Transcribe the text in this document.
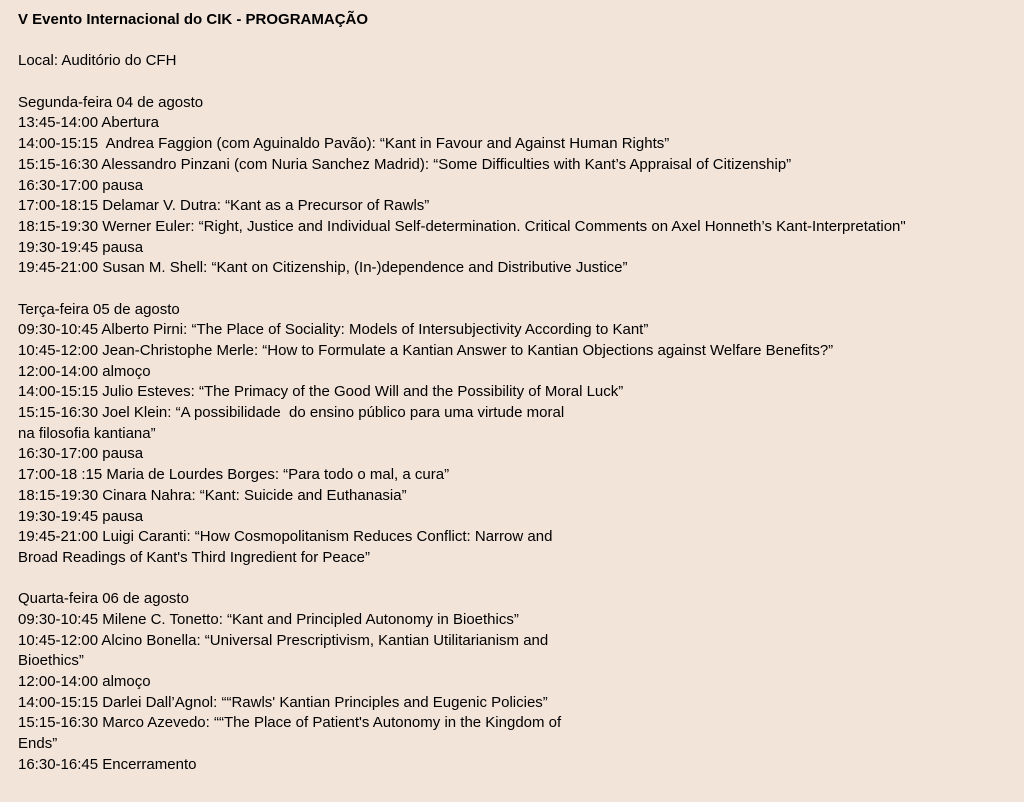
V Evento Internacional do CIK - PROGRAMAÇÃO
Local: Auditório do CFH
Segunda-feira 04 de agosto
13:45-14:00 Abertura
14:00-15:15  Andrea Faggion (com Aguinaldo Pavão): “Kant in Favour and Against Human Rights”
15:15-16:30 Alessandro Pinzani (com Nuria Sanchez Madrid): “Some Difficulties with Kant’s Appraisal of Citizenship”
16:30-17:00 pausa
17:00-18:15 Delamar V. Dutra: “Kant as a Precursor of Rawls”
18:15-19:30 Werner Euler: “Right, Justice and Individual Self-determination. Critical Comments on Axel Honneth’s Kant-Interpretation"
19:30-19:45 pausa
19:45-21:00 Susan M. Shell: “Kant on Citizenship, (In-)dependence and Distributive Justice”
Terça-feira 05 de agosto
09:30-10:45 Alberto Pirni: “The Place of Sociality: Models of Intersubjectivity According to Kant”
10:45-12:00 Jean-Christophe Merle: “How to Formulate a Kantian Answer to Kantian Objections against Welfare Benefits?”
12:00-14:00 almoço
14:00-15:15 Julio Esteves: “The Primacy of the Good Will and the Possibility of Moral Luck”
15:15-16:30 Joel Klein: “A possibilidade  do ensino público para uma virtude moral
na filosofia kantiana”
16:30-17:00 pausa
17:00-18 :15 Maria de Lourdes Borges: “Para todo o mal, a cura”
18:15-19:30 Cinara Nahra: “Kant: Suicide and Euthanasia”
19:30-19:45 pausa
19:45-21:00 Luigi Caranti: “How Cosmopolitanism Reduces Conflict: Narrow and
Broad Readings of Kant's Third Ingredient for Peace”
Quarta-feira 06 de agosto
09:30-10:45 Milene C. Tonetto: “Kant and Principled Autonomy in Bioethics”
10:45-12:00 Alcino Bonella: “Universal Prescriptivism, Kantian Utilitarianism and
Bioethics”
12:00-14:00 almoço
14:00-15:15 Darlei Dall’Agnol: ““Rawls' Kantian Principles and Eugenic Policies”
15:15-16:30 Marco Azevedo: ““The Place of Patient's Autonomy in the Kingdom of
Ends”
16:30-16:45 Encerramento
